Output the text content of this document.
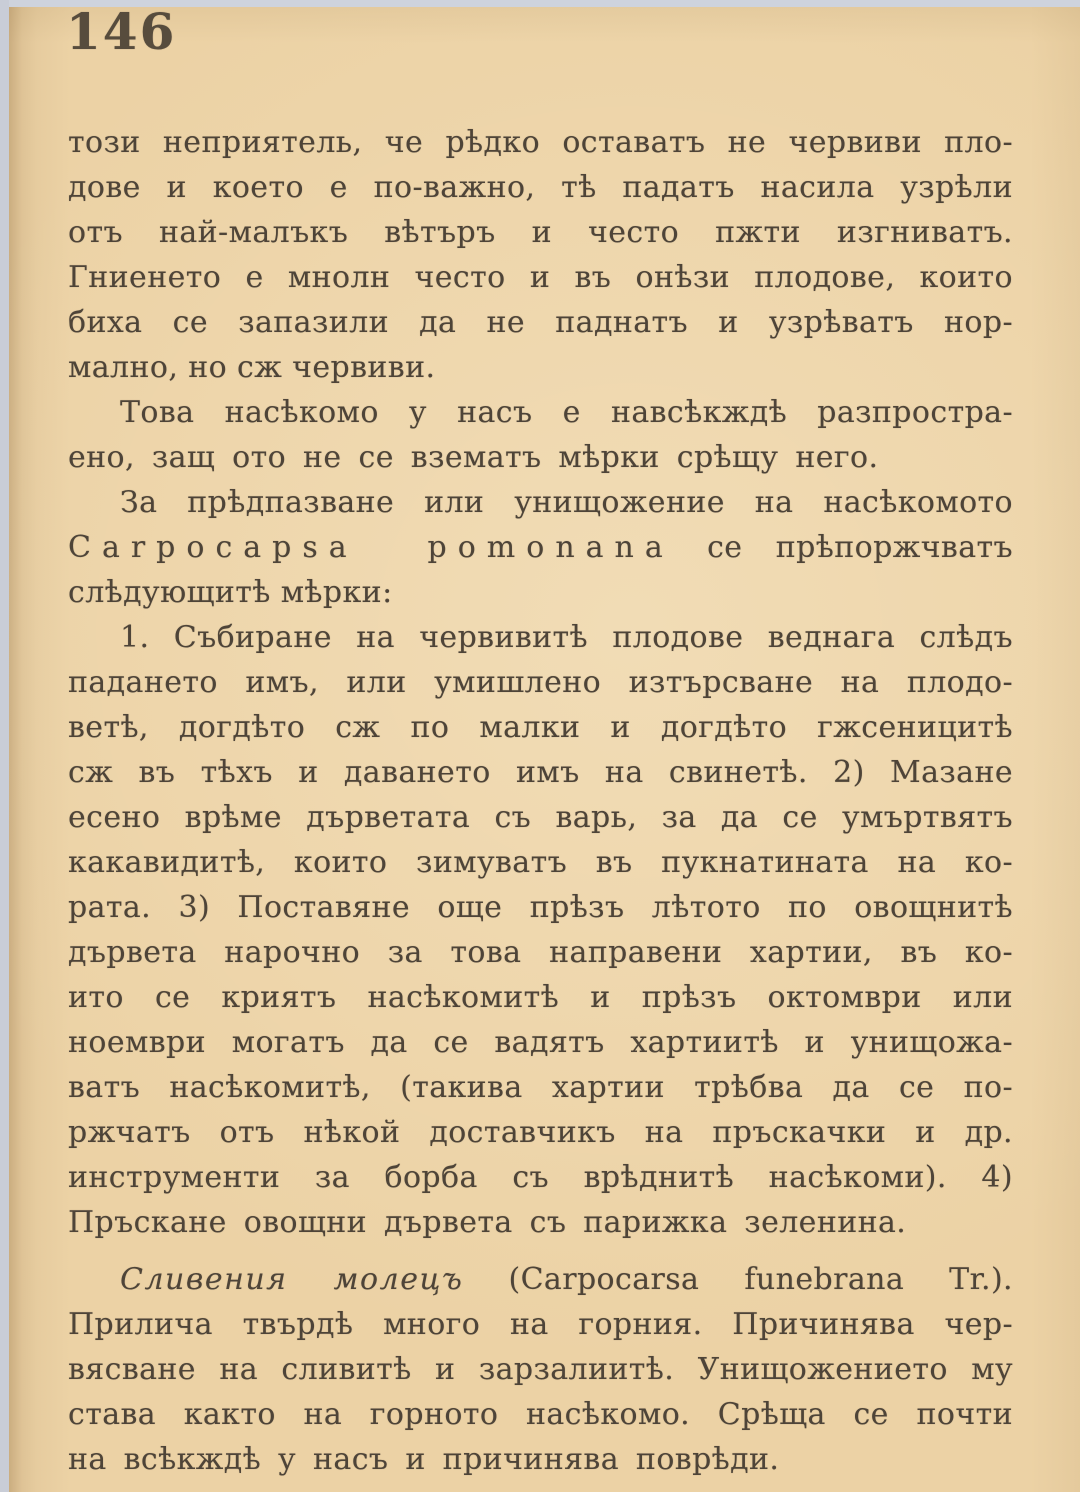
146
този неприятель, че рѣдко оставатъ не червиви пло-
дове и което е по-важно, тѣ падатъ насила узрѣли
отъ най-малъкъ вѣтъръ и често пжти изгниватъ.
Гниенето е мнолн често и въ онѣзи плодове, които
биха се запазили да не паднатъ и узрѣватъ нор-
мално, но сж червиви.
Това насѣкомо у насъ е навсѣкждѣ разпростра-
ено, защ ото не се взематъ мѣрки срѣщу него.
За прѣдпазване или унищожение на насѣкомото
Carpocapsa pomonana се прѣпоржчватъ
слѣдующитѣ мѣрки:
1. Събиране на червивитѣ плодове веднага слѣдъ
падането имъ, или умишлено изтърсване на плодо-
ветѣ, догдѣто сж по малки и догдѣто гжсеницитѣ
сж въ тѣхъ и даването имъ на свинетѣ. 2) Мазане
есено врѣме дърветата съ варь, за да се умъртвятъ
какавидитѣ, които зимуватъ въ пукнатината на ко-
рата. 3) Поставяне още прѣзъ лѣтото по овощнитѣ
дървета нарочно за това направени хартии, въ ко-
ито се криятъ насѣкомитѣ и прѣзъ октомври или
ноември могатъ да се вадятъ хартиитѣ и унищожа-
ватъ насѣкомитѣ, (такива хартии трѣбва да се по-
ржчатъ отъ нѣкой доставчикъ на пръскачки и др.
инструменти за борба съ врѣднитѣ насѣкоми). 4)
Пръскане овощни дървета съ парижка зеленина.
Сливения молецъ (Carpocarsa funebrana Tr.).
Прилича твърдѣ много на горния. Причинява чер-
вясване на сливитѣ и зарзалиитѣ. Унищожението му
става както на горното насѣкомо. Срѣща се почти
на всѣкждѣ у насъ и причинява поврѣди.
